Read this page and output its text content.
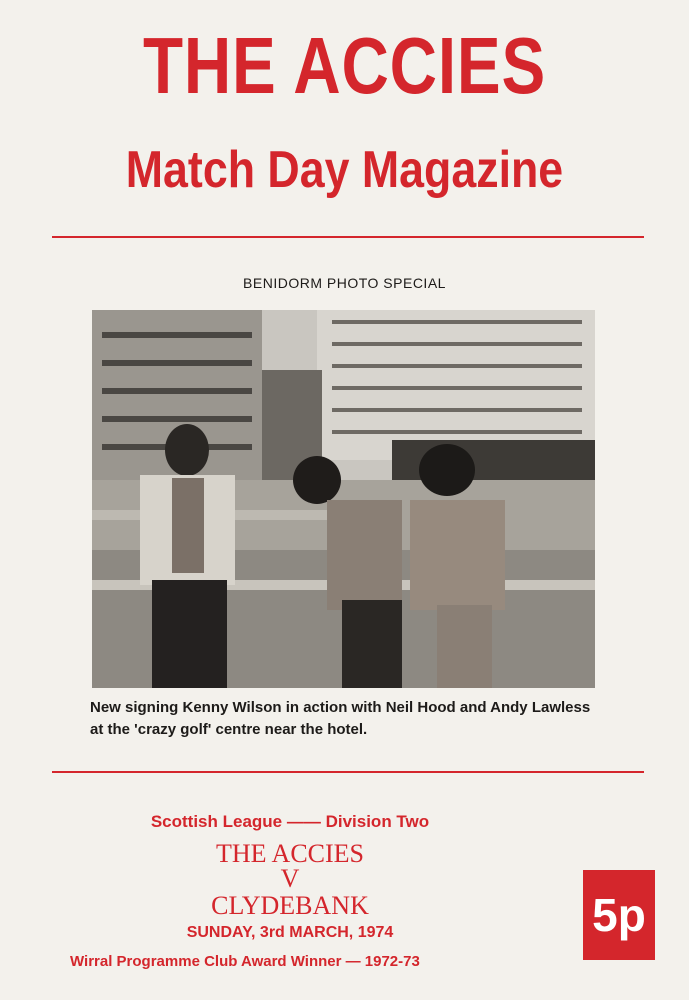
THE ACCIES
Match Day Magazine
BENIDORM PHOTO SPECIAL
New signing Kenny Wilson in action with Neil Hood and Andy Lawless
at the 'crazy golf' centre near the hotel.
Scottish League —— Division Two
THE ACCIES
V
CLYDEBANK
SUNDAY, 3rd MARCH, 1974
Wirral Programme Club Award Winner — 1972-73
5p
